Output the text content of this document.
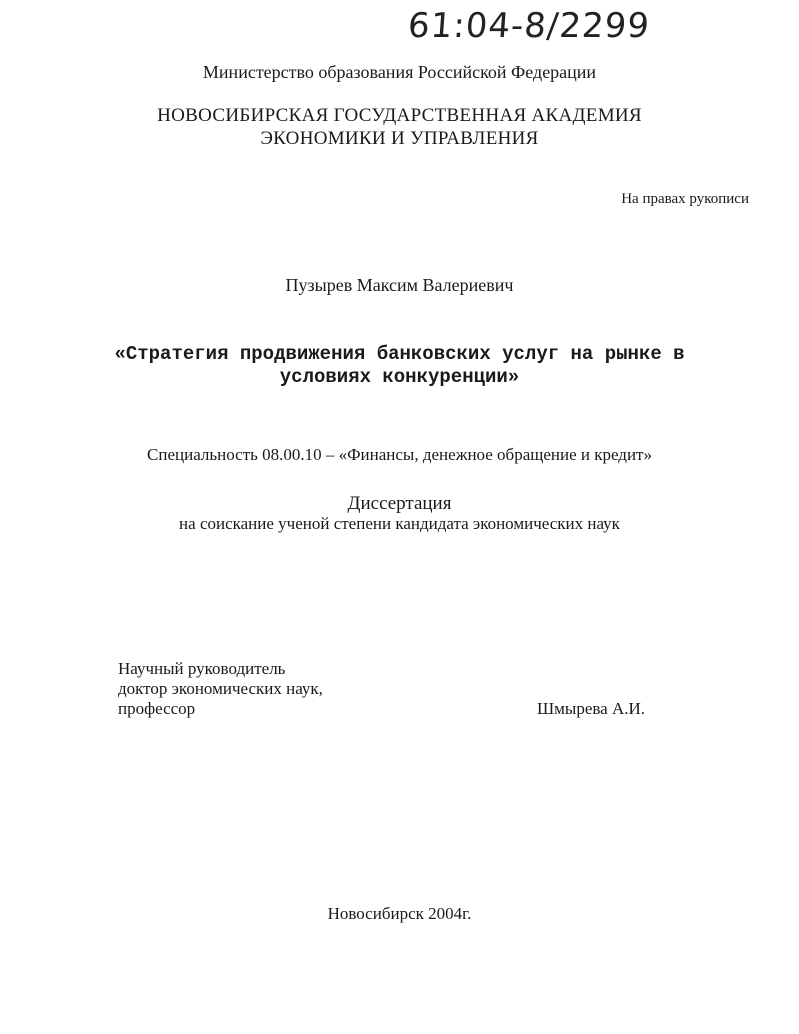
61:04-8/2299
Министерство образования Российской Федерации
НОВОСИБИРСКАЯ ГОСУДАРСТВЕННАЯ АКАДЕМИЯ
ЭКОНОМИКИ И УПРАВЛЕНИЯ
На правах рукописи
Пузырев Максим Валериевич
«Стратегия продвижения банковских услуг на рынке в
условиях конкуренции»
Специальность 08.00.10 – «Финансы, денежное обращение и кредит»
Диссертация
на соискание ученой степени кандидата экономических наук
Научный руководитель
доктор экономических наук,
профессор	Шмырева А.И.
Новосибирск 2004г.
